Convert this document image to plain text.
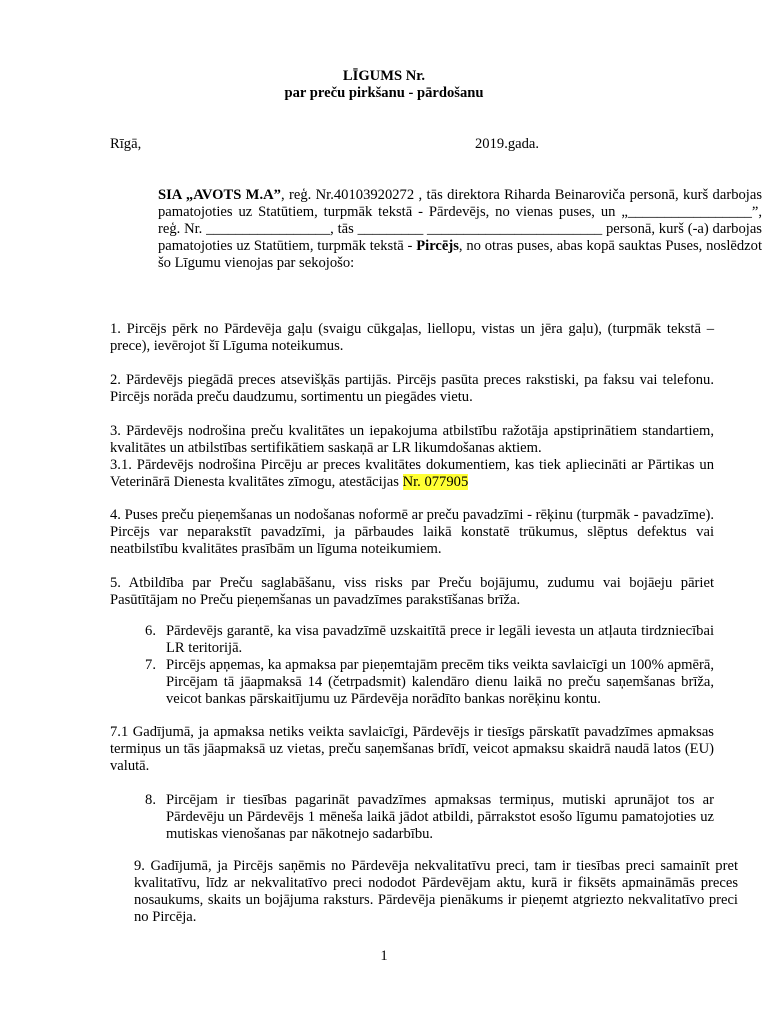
LĪGUMS Nr.
par preču pirkšanu - pārdošanu
Rīgā,	2019.gada.
SIA „AVOTS M.A”, reģ. Nr.40103920272 , tās direktora Riharda Beinaroviča personā, kurš darbojas pamatojoties uz Statūtiem, turpmāk tekstā - Pārdevējs, no vienas puses, un „_________________”, reģ. Nr. _________________, tās _________ ________________________ personā, kurš (-a) darbojas pamatojoties uz Statūtiem, turpmāk tekstā - Pircējs, no otras puses, abas kopā sauktas Puses, noslēdzot šo Līgumu vienojas par sekojošo:
1. Pircējs pērk no Pārdevēja gaļu (svaigu cūkgaļas, liellopu, vistas un jēra gaļu), (turpmāk tekstā – prece), ievērojot šī Līguma noteikumus.
2. Pārdevējs piegādā preces atsevišķās partijās. Pircējs pasūta preces rakstiski, pa faksu vai telefonu. Pircējs norāda preču daudzumu, sortimentu un piegādes vietu.
3. Pārdevējs nodrošina preču kvalitātes un iepakojuma atbilstību ražotāja apstiprinātiem standartiem, kvalitātes un atbilstības sertifikātiem saskaņā ar LR likumdošanas aktiem.
3.1. Pārdevējs nodrošina Pircēju ar preces kvalitātes dokumentiem, kas tiek apliecināti ar Pārtikas un Veterinārā Dienesta kvalitātes zīmogu, atestācijas Nr. 077905
4. Puses preču pieņemšanas un nodošanas noformē ar preču pavadzīmi - rēķinu (turpmāk - pavadzīme). Pircējs var neparakstīt pavadzīmi, ja pārbaudes laikā konstatē trūkumus, slēptus defektus vai neatbilstību kvalitātes prasībām un līguma noteikumiem.
5. Atbildība par Preču saglabāšanu, viss risks par Preču bojājumu, zudumu vai bojāeju pāriet Pasūtītājam no Preču pieņemšanas un pavadzīmes parakstīšanas brīža.
6. Pārdevējs garantē, ka visa pavadzīmē uzskaitītā prece ir legāli ievesta un atļauta tirdzniecībai LR teritorijā.
7. Pircējs apņemas, ka apmaksa par pieņemtajām precēm tiks veikta savlaicīgi un 100% apmērā, Pircējam tā jāapmaksā 14 (četrpadsmit) kalendāro dienu laikā no preču saņemšanas brīža, veicot bankas pārskaitījumu uz Pārdevēja norādīto bankas norēķinu kontu.
7.1 Gadījumā, ja apmaksa netiks veikta savlaicīgi, Pārdevējs ir tiesīgs pārskatīt pavadzīmes apmaksas termiņus un tās jāapmaksā uz vietas, preču saņemšanas brīdī, veicot apmaksu skaidrā naudā latos (EU) valutā.
8. Pircējam ir tiesības pagarināt pavadzīmes apmaksas termiņus, mutiski aprunājot tos ar Pārdevēju un Pārdevējs 1 mēneša laikā jādot atbildi, pārrakstot esošo līgumu pamatojoties uz mutiskas vienošanas par nākotnejo sadarbību.
9. Gadījumā, ja Pircējs saņēmis no Pārdevēja nekvalitatīvu preci, tam ir tiesības preci samainīt pret kvalitatīvu, līdz ar nekvalitatīvo preci nododot Pārdevējam aktu, kurā ir fiksēts apmaināmās preces nosaukums, skaits un bojājuma raksturs. Pārdevēja pienākums ir pieņemt atgriezto nekvalitatīvo preci no Pircēja.
1
